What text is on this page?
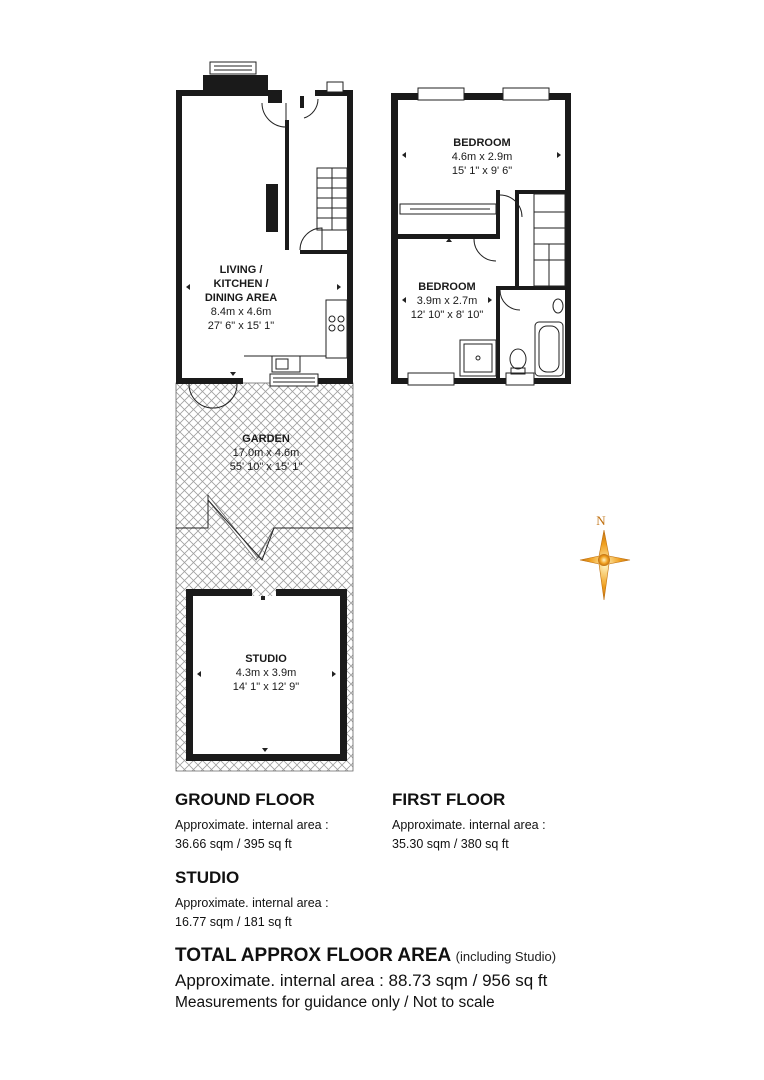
N
LIVING /
KITCHEN /
DINING AREA
8.4m x 4.6m
27' 6" x 15' 1"
GARDEN
17.0m x 4.6m
55' 10" x 15' 1"
STUDIO
4.3m x 3.9m
14' 1" x 12' 9"
BEDROOM
4.6m x 2.9m
15' 1" x 9' 6"
BEDROOM
3.9m x 2.7m
12' 10" x 8' 10"

GROUND FLOOR

Approximate. internal area :

36.66 sqm / 395 sq ft

FIRST FLOOR

Approximate. internal area :

35.30 sqm / 380 sq ft

STUDIO

Approximate. internal area :

16.77 sqm / 181 sq ft

TOTAL APPROX FLOOR AREA (including Studio)
Approximate. internal area : 88.73 sqm / 956 sq ft
Measurements for guidance only / Not to scale
